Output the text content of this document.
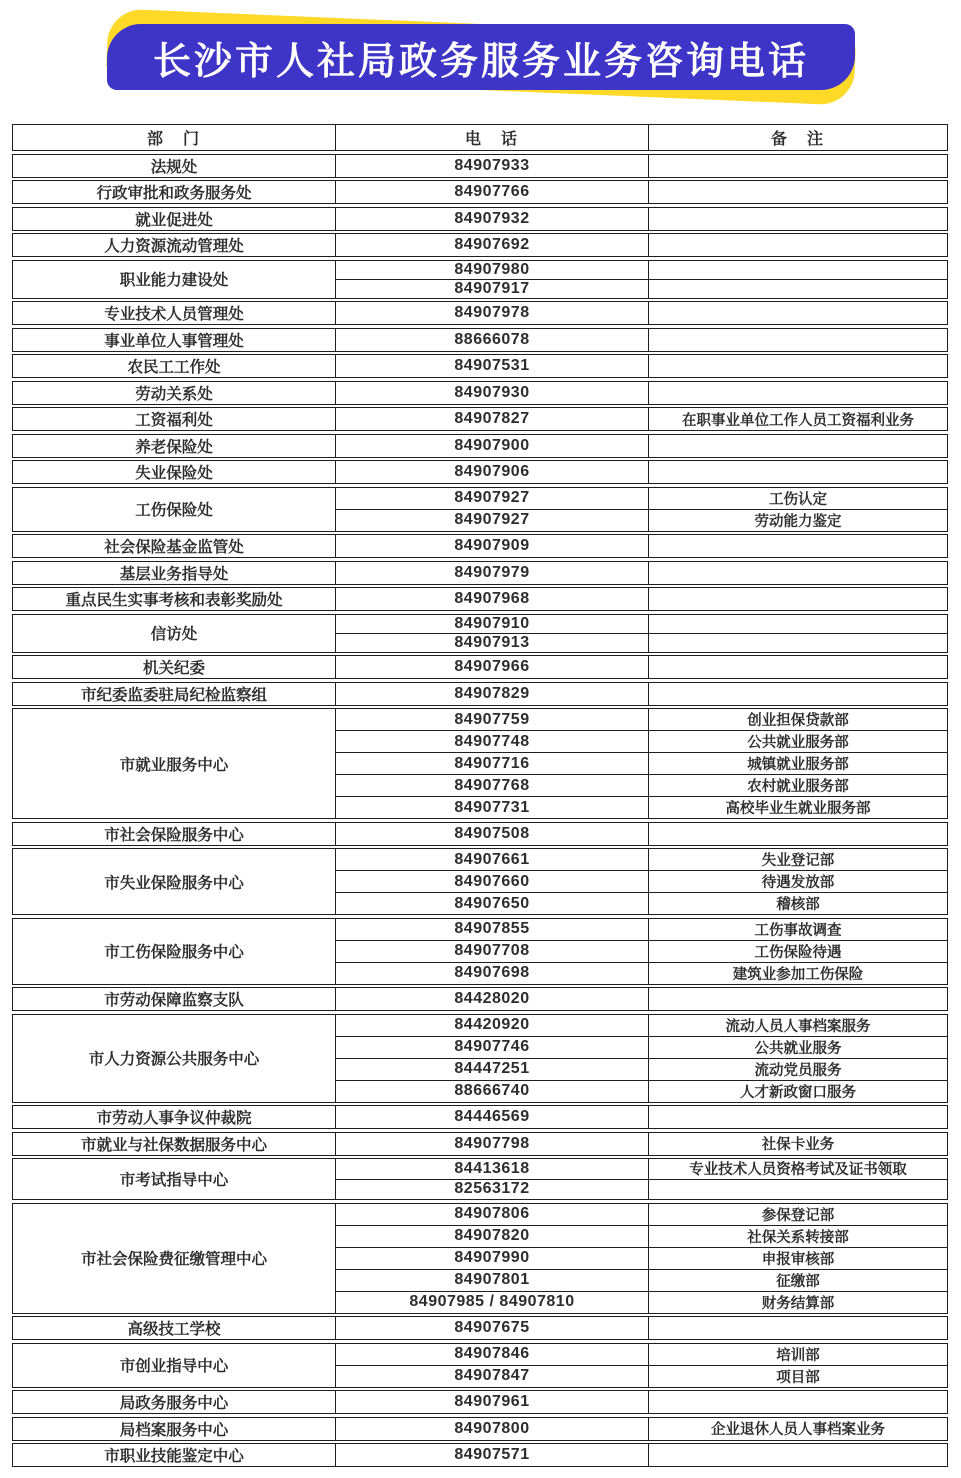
长沙市人社局政务服务业务咨询电话
部　门	电　话	备　注
法规处	84907933
行政审批和政务服务处	84907766
就业促进处	84907932
人力资源流动管理处	84907692
职业能力建设处
84907980
84907917
专业技术人员管理处	84907978
事业单位人事管理处	88666078
农民工工作处	84907531
劳动关系处	84907930
工资福利处	84907827	在职事业单位工作人员工资福利业务
养老保险处	84907900
失业保险处	84907906
工伤保险处
84907927	工伤认定
84907927	劳动能力鉴定
社会保险基金监管处	84907909
基层业务指导处	84907979
重点民生实事考核和表彰奖励处	84907968
信访处
84907910
84907913
机关纪委	84907966
市纪委监委驻局纪检监察组	84907829
市就业服务中心
84907759	创业担保贷款部
84907748	公共就业服务部
84907716	城镇就业服务部
84907768	农村就业服务部
84907731	高校毕业生就业服务部
市社会保险服务中心	84907508
市失业保险服务中心
84907661	失业登记部
84907660	待遇发放部
84907650	稽核部
市工伤保险服务中心
84907855	工伤事故调查
84907708	工伤保险待遇
84907698	建筑业参加工伤保险
市劳动保障监察支队	84428020
市人力资源公共服务中心
84420920	流动人员人事档案服务
84907746	公共就业服务
84447251	流动党员服务
88666740	人才新政窗口服务
市劳动人事争议仲裁院	84446569
市就业与社保数据服务中心	84907798	社保卡业务
市考试指导中心
84413618	专业技术人员资格考试及证书领取
82563172
市社会保险费征缴管理中心
84907806	参保登记部
84907820	社保关系转接部
84907990	申报审核部
84907801	征缴部
84907985 / 84907810	财务结算部
高级技工学校	84907675
市创业指导中心
84907846	培训部
84907847	项目部
局政务服务中心	84907961
局档案服务中心	84907800	企业退休人员人事档案业务
市职业技能鉴定中心	84907571
